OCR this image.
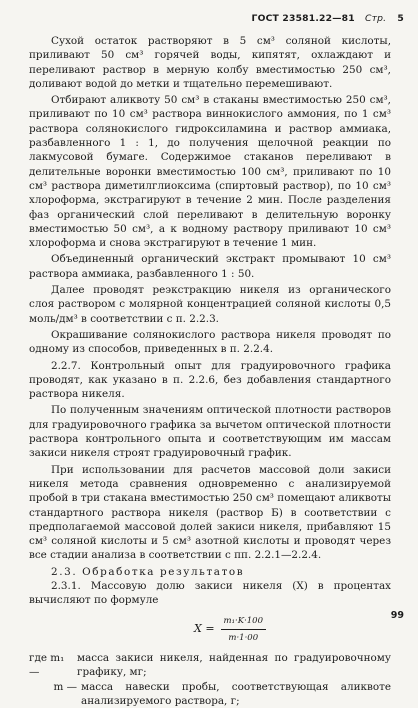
ГОСТ 23581.22—81 Стр. 5

Сухой остаток растворяют в 5 см³ соляной кислоты, приливают 50 см³ горячей воды, кипятят, охлаждают и переливают раствор в мерную колбу вместимостью 250 см³, доливают водой до метки и тщательно перемешивают.

Отбирают аликвоту 50 см³ в стаканы вместимостью 250 см³, приливают по 10 см³ раствора виннокислого аммония, по 1 см³ раствора солянокислого гидроксиламина и раствор аммиака, разбавленного 1 : 1, до получения щелочной реакции по лакмусовой бумаге. Содержимое стаканов переливают в делительные воронки вместимостью 100 см³, приливают по 10 см³ раствора диметилглиоксима (спиртовый раствор), по 10 см³ хлороформа, экстрагируют в течение 2 мин. После разделения фаз органический слой переливают в делительную воронку вместимостью 50 см³, а к водному раствору приливают 10 см³ хлороформа и снова экстрагируют в течение 1 мин.

Объединенный органический экстракт промывают 10 см³ раствора аммиака, разбавленного 1 : 50.

Далее проводят реэкстракцию никеля из органического слоя раствором с молярной концентрацией соляной кислоты 0,5 моль/дм³ в соответствии с п. 2.2.3.

Окрашивание солянокислого раствора никеля проводят по одному из способов, приведенных в п. 2.2.4.

2.2.7. Контрольный опыт для градуировочного графика проводят, как указано в п. 2.2.6, без добавления стандартного раствора никеля.

По полученным значениям оптической плотности растворов для градуировочного графика за вычетом оптической плотности раствора контрольного опыта и соответствующим им массам закиси никеля строят градуировочный график.

При использовании для расчетов массовой доли закиси никеля метода сравнения одновременно с анализируемой пробой в три стакана вместимостью 250 см³ помещают аликвоты стандартного раствора никеля (раствор Б) в соответствии с предполагаемой массовой долей закиси никеля, прибавляют 15 см³ соляной кислоты и 5 см³ азотной кислоты и проводят через все стадии анализа в соответствии с пп. 2.2.1—2.2.4.

2.3. Обработка результатов

2.3.1. Массовую долю закиси никеля (X) в процентах вычисляют по формуле

$X = \frac{\text{m₁·K·100}}{m\cdot 1\cdot 00}$
где m₁ —
масса закиси никеля, найденная по градуировочному графику, мг;
m — масса навески пробы, соответствующая аликвоте анализируемого раствора, г;
99
